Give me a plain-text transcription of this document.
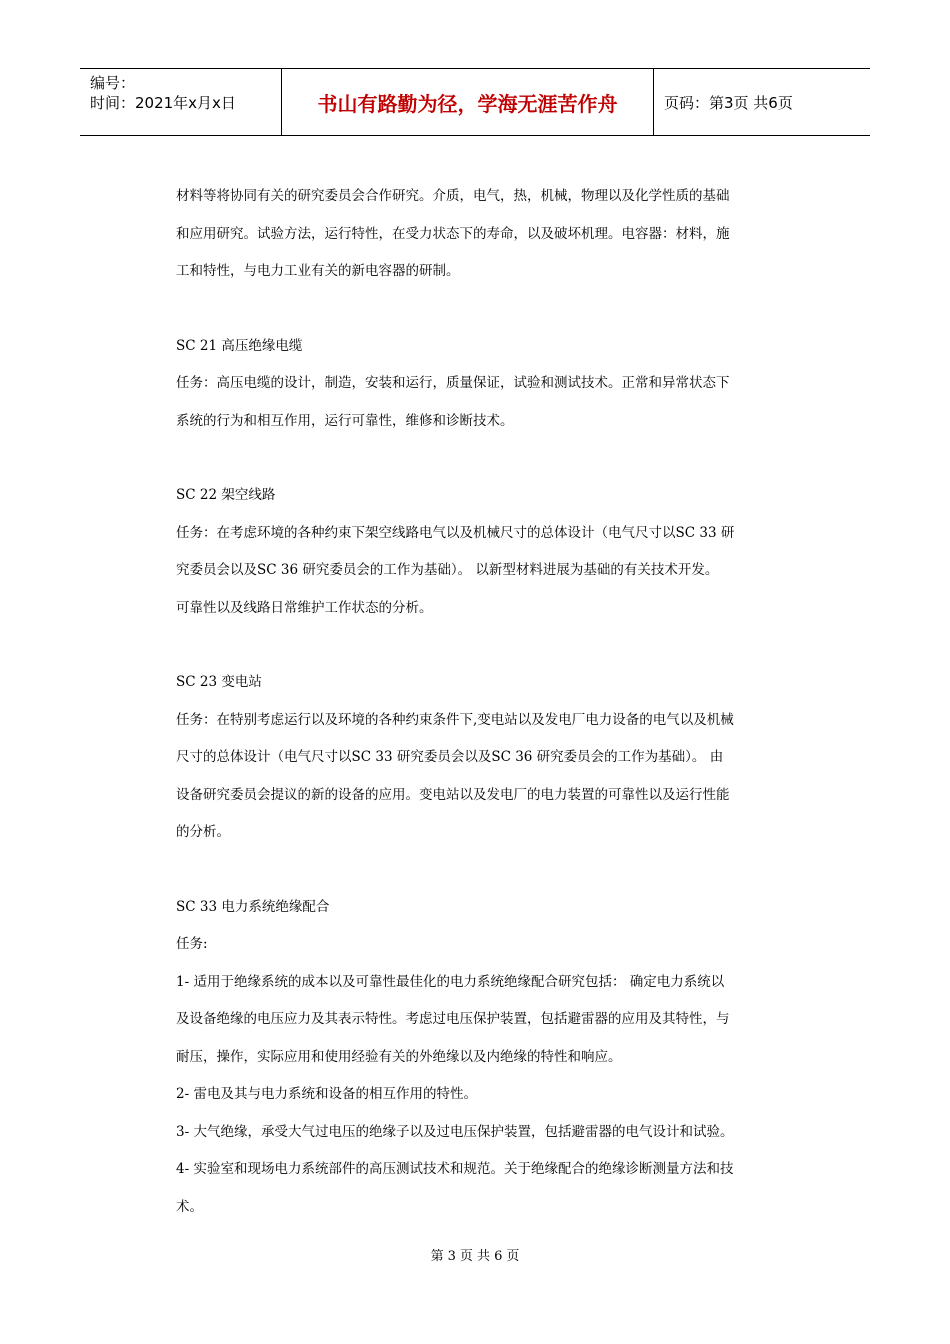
编号：
时间：2021年x月x日	书山有路勤为径，学海无涯苦作舟	页码：第3页 共6页

材料等将协同有关的研究委员会合作研究。介质，电气，热，机械，物理以及化学性质的基础

和应用研究。试验方法，运行特性，在受力状态下的寿命，以及破坏机理。电容器：材料，施

工和特性，与电力工业有关的新电容器的研制。

SC 21 高压绝缘电缆

任务：高压电缆的设计，制造，安装和运行，质量保证，试验和测试技术。正常和异常状态下

系统的行为和相互作用，运行可靠性，维修和诊断技术。

SC 22 架空线路

任务：在考虑环境的各种约束下架空线路电气以及机械尺寸的总体设计（电气尺寸以SC 33 研

究委员会以及SC 36 研究委员会的工作为基础）。 以新型材料进展为基础的有关技术开发。

可靠性以及线路日常维护工作状态的分析。

SC 23 变电站

任务：在特别考虑运行以及环境的各种约束条件下,变电站以及发电厂电力设备的电气以及机械

尺寸的总体设计（电气尺寸以SC 33 研究委员会以及SC 36 研究委员会的工作为基础）。 由

设备研究委员会提议的新的设备的应用。变电站以及发电厂的电力装置的可靠性以及运行性能

的分析。

SC 33 电力系统绝缘配合

任务:

1- 适用于绝缘系统的成本以及可靠性最佳化的电力系统绝缘配合研究包括： 确定电力系统以

及设备绝缘的电压应力及其表示特性。考虑过电压保护装置，包括避雷器的应用及其特性，与

耐压，操作，实际应用和使用经验有关的外绝缘以及内绝缘的特性和响应。

2- 雷电及其与电力系统和设备的相互作用的特性。

3- 大气绝缘，承受大气过电压的绝缘子以及过电压保护装置，包括避雷器的电气设计和试验。

4- 实验室和现场电力系统部件的高压测试技术和规范。关于绝缘配合的绝缘诊断测量方法和技

术。

第 3 页 共 6 页
